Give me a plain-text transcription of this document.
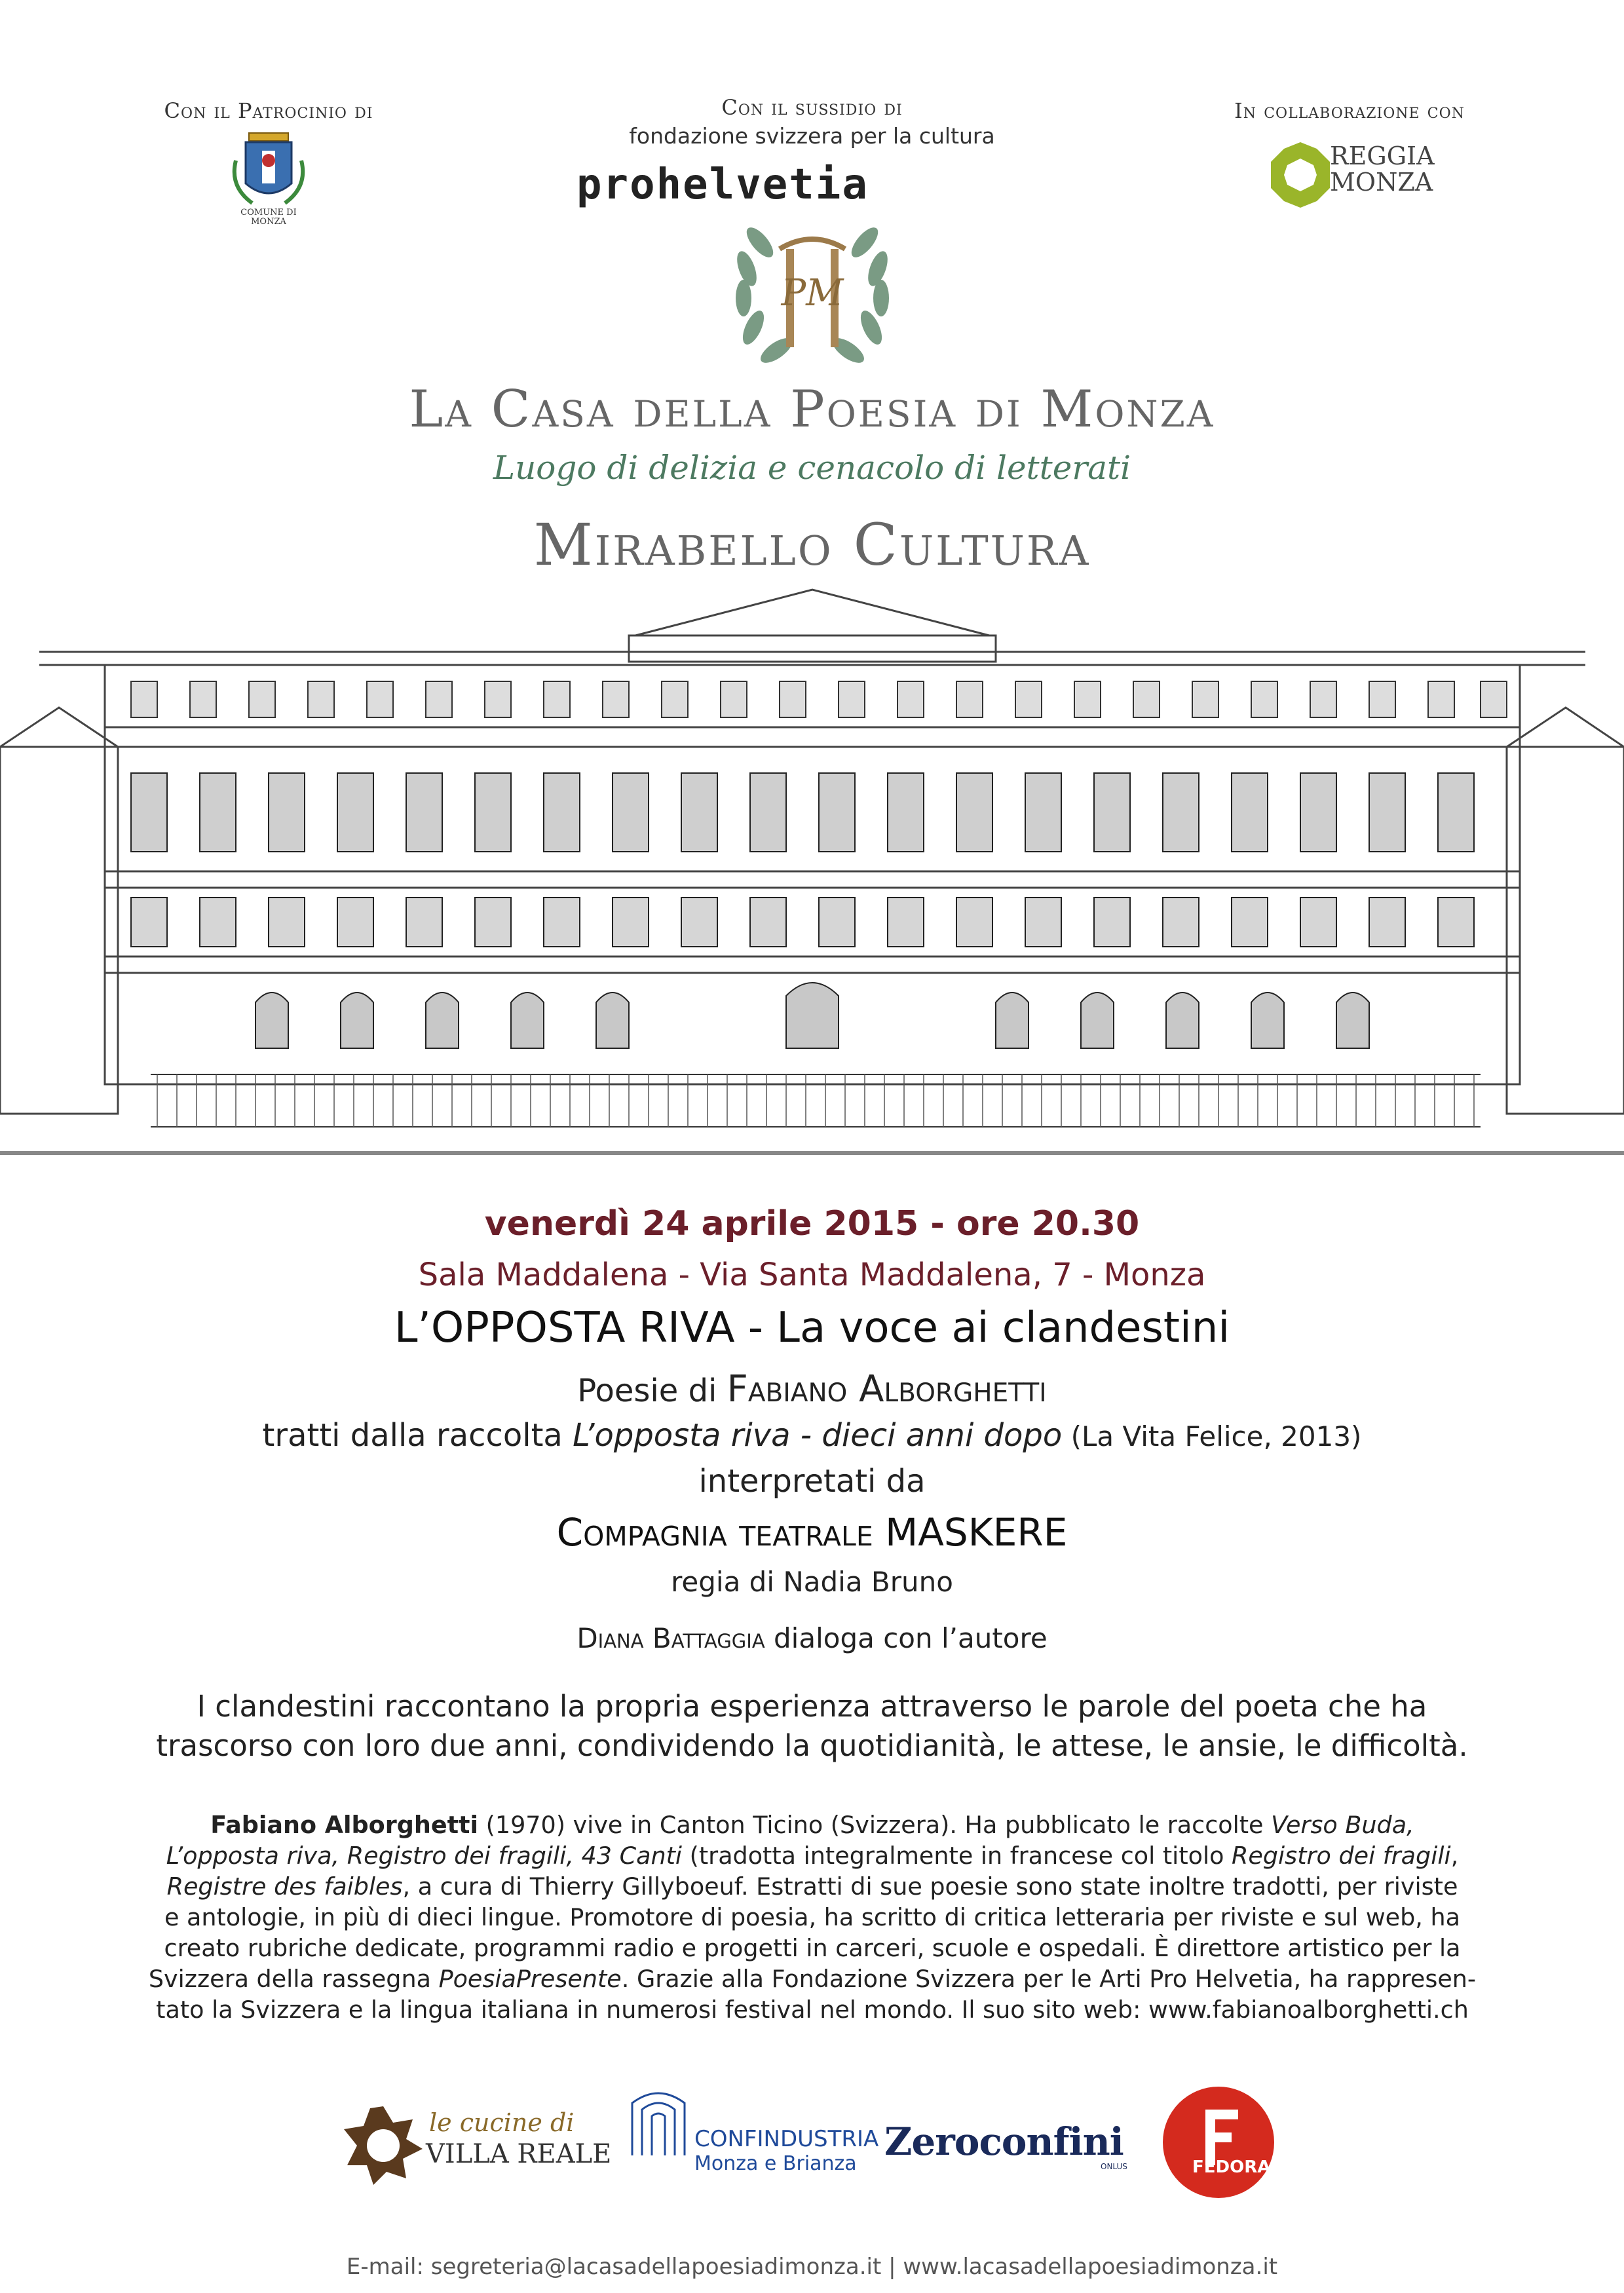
Con il Patrocinio di
COMUNE DI MONZA
Con il sussidio di
fondazione svizzera per la cultura
prohelvetia
In collaborazione con
REGGIA
MONZA
PM
La Casa della Poesia di Monza
Luogo di delizia e cenacolo di letterati
Mirabello Cultura
venerdì 24 aprile 2015 - ore 20.30
Sala Maddalena - Via Santa Maddalena, 7 - Monza
L’OPPOSTA RIVA - La voce ai clandestini
Poesie di Fabiano Alborghetti
tratti dalla raccolta L’opposta riva - dieci anni dopo (La Vita Felice, 2013)
interpretati da
Compagnia teatrale MASKERE
regia di Nadia Bruno
Diana Battaggia dialoga con l’autore
I clandestini raccontano la propria esperienza attraverso le parole del poeta che ha
trascorso con loro due anni, condividendo la quotidianità, le attese, le ansie, le difficoltà.
Fabiano Alborghetti (1970) vive in Canton Ticino (Svizzera). Ha pubblicato le raccolte Verso Buda,
L’opposta riva, Registro dei fragili, 43 Canti (tradotta integralmente in francese col titolo Registro dei fragili,
Registre des faibles, a cura di Thierry Gillyboeuf. Estratti di sue poesie sono state inoltre tradotti, per riviste
e antologie, in più di dieci lingue. Promotore di poesia, ha scritto di critica letteraria per riviste e sul web, ha
creato rubriche dedicate, programmi radio e progetti in carceri, scuole e ospedali. È direttore artistico per la
Svizzera della rassegna PoesiaPresente. Grazie alla Fondazione Svizzera per le Arti Pro Helvetia, ha rappresen-
tato la Svizzera e la lingua italiana in numerosi festival nel mondo. Il suo sito web: www.fabianoalborghetti.ch
le cucine di
VILLA REALE	CONFINDUSTRIA
Monza e Brianza Zeroconfini
ONLUS	FEDORA
E-mail: segreteria@lacasadellapoesiadimonza.it | www.lacasadellapoesiadimonza.it
